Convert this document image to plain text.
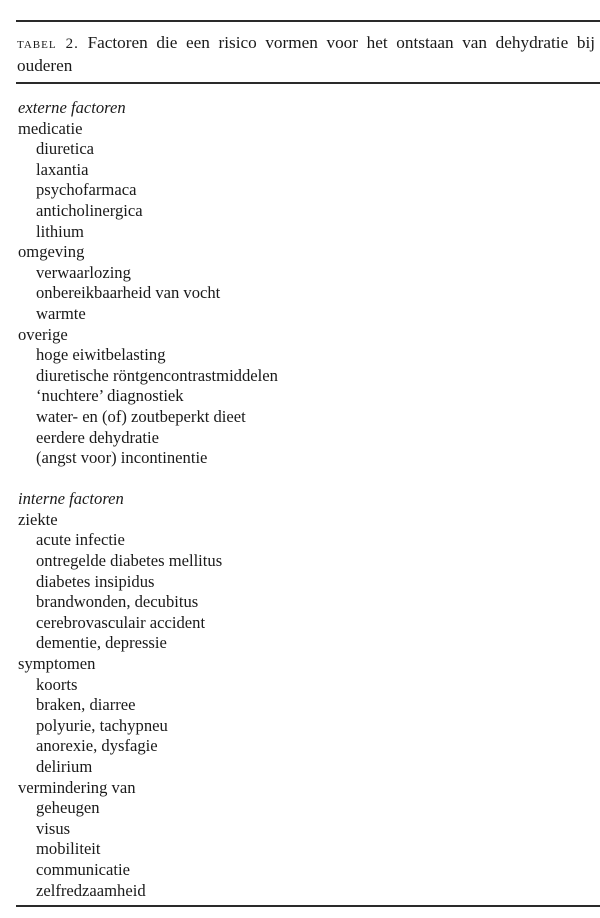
tabel 2. Factoren die een risico vormen voor het ontstaan van dehydratie bij ouderen
externe factoren
medicatie
diuretica
laxantia
psychofarmaca
anticholinergica
lithium
omgeving
verwaarlozing
onbereikbaarheid van vocht
warmte
overige
hoge eiwitbelasting
diuretische röntgencontrastmiddelen
‘nuchtere’ diagnostiek
water- en (of) zoutbeperkt dieet
eerdere dehydratie
(angst voor) incontinentie
interne factoren
ziekte
acute infectie
ontregelde diabetes mellitus
diabetes insipidus
brandwonden, decubitus
cerebrovasculair accident
dementie, depressie
symptomen
koorts
braken, diarree
polyurie, tachypneu
anorexie, dysfagie
delirium
vermindering van
geheugen
visus
mobiliteit
communicatie
zelfredzaamheid
